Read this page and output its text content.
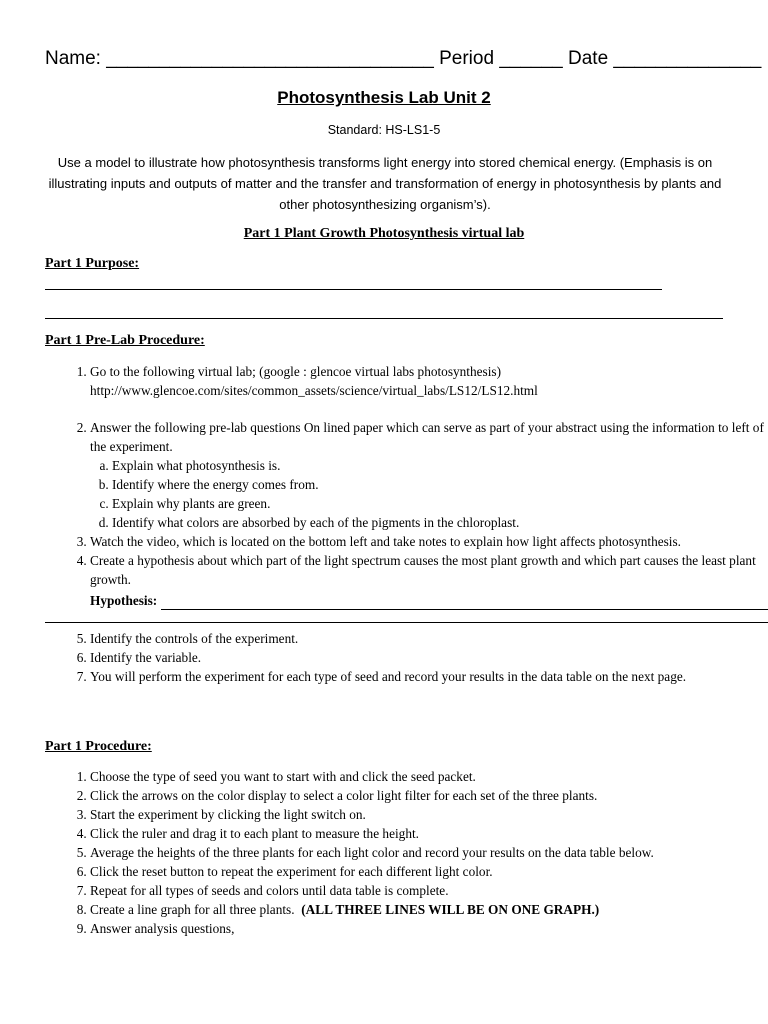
Name: _______________________________ Period ______ Date ______________
Photosynthesis Lab Unit 2
Standard: HS-LS1-5
Use a model to illustrate how photosynthesis transforms light energy into stored chemical energy. (Emphasis is on illustrating inputs and outputs of matter and the transfer and transformation of energy in photosynthesis by plants and other photosynthesizing organism’s).
Part 1 Plant Growth Photosynthesis virtual lab
Part 1 Purpose:
Part 1 Pre-Lab Procedure:
1. Go to the following virtual lab; (google : glencoe virtual labs photosynthesis)
http://www.glencoe.com/sites/common_assets/science/virtual_labs/LS12/LS12.html
2. Answer the following pre-lab questions On lined paper which can serve as part of your abstract using the information to left of the experiment.
a. Explain what photosynthesis is.
b. Identify where the energy comes from.
c. Explain why plants are green.
d. Identify what colors are absorbed by each of the pigments in the chloroplast.
3. Watch the video, which is located on the bottom left and take notes to explain how light affects photosynthesis.
4. Create a hypothesis about which part of the light spectrum causes the most plant growth and which part causes the least plant growth.
Hypothesis:
5. Identify the controls of the experiment.
6. Identify the variable.
7. You will perform the experiment for each type of seed and record your results in the data table on the next page.
Part 1 Procedure:
1. Choose the type of seed you want to start with and click the seed packet.
2. Click the arrows on the color display to select a color light filter for each set of the three plants.
3. Start the experiment by clicking the light switch on.
4. Click the ruler and drag it to each plant to measure the height.
5. Average the heights of the three plants for each light color and record your results on the data table below.
6. Click the reset button to repeat the experiment for each different light color.
7. Repeat for all types of seeds and colors until data table is complete.
8. Create a line graph for all three plants. (ALL THREE LINES WILL BE ON ONE GRAPH.)
9. Answer analysis questions,
